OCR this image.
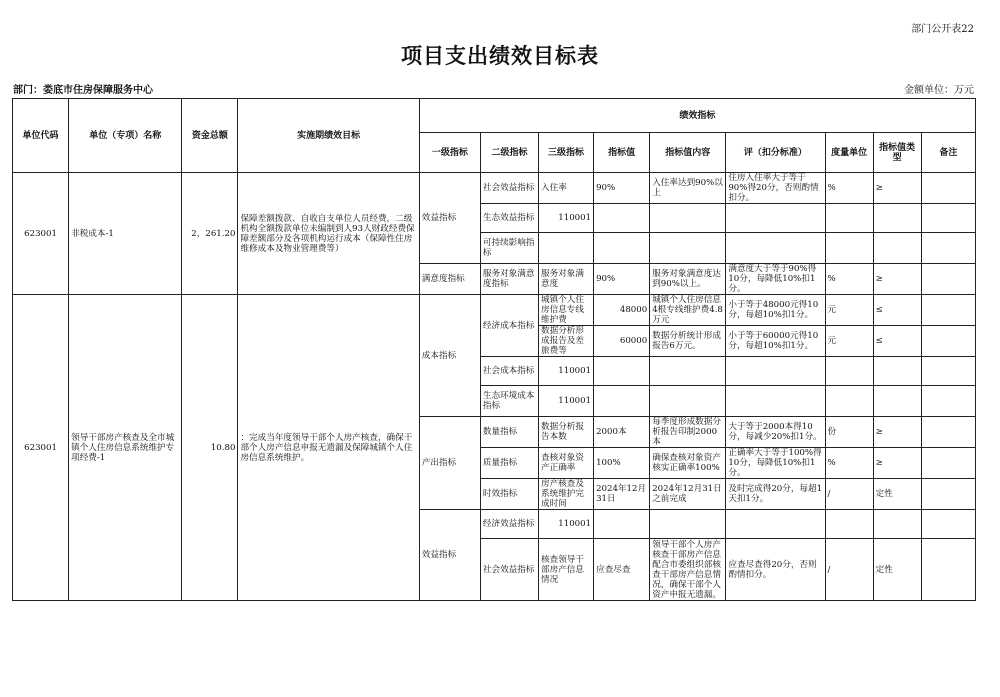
部门公开表22
项目支出绩效目标表
部门：娄底市住房保障服务中心	金额单位：万元
单位代码	单位（专项）名称	资金总额	实施期绩效目标	绩效指标								
				一级指标	二级指标	三级指标	指标值	指标值内容	评（扣分标准）	度量单位	指标值类型	备注
623001	非税成本-1	2，261.20	保障差额拨款、自收自支单位人员经费，二级机构全额拨款单位未编制到人93人财政经费保障差额部分及各项机构运行成本（保障性住房维修成本及物业管理费等）	效益指标	社会效益指标	入住率	90%	入住率达到90%以上	住房入住率大于等于90%得20分，否则酌情扣分。	%	≥	
					生态效益指标	110001						
					可持续影响指标							
				满意度指标	服务对象满意度指标	服务对象满意度	90%	服务对象满意度达到90%以上。	满意度大于等于90%得10分，每降低10%扣1分。	%	≥	
623001	领导干部房产核查及全市城镇个人住房信息系统维护专项经费-1	10.80	：完成当年度领导干部个人房产核查，确保干部个人房产信息申报无遗漏及保障城镇个人住房信息系统维护。	成本指标	经济成本指标	城镇个人住房信息专线维护费	48000	城镇个人住房信息4根专线维护费4.8万元	小于等于48000元得10分，每超10%扣1分。	元	≤	
						数据分析形成报告及差旅费等	60000	数据分析统计形成报告6万元。	小于等于60000元得10分，每超10%扣1分。	元	≤	
					社会成本指标	110001						
					生态环境成本指标	110001						
				产出指标	数量指标	数据分析报告本数	2000本	每季度形成数据分析报告印制2000本	大于等于2000本得10分，每减少20%扣1分。	份	≥	
					质量指标	查核对象资产正确率	100%	确保查核对象资产核实正确率100%	正确率大于等于100%得10分，每降低10%扣1分。	%	≥	
					时效指标	房产核查及系统维护完成时间	2024年12月31日	2024年12月31日之前完成	及时完成得20分，每超1天扣1分。	/	定性	
				效益指标	经济效益指标	110001						
					社会效益指标	核查领导干部房产信息情况	应查尽查	领导干部个人房产核查干部房产信息配合市委组织部核查干部房产信息情况，确保干部个人资产申报无遗漏。	应查尽查得20分，否则酌情扣分。	/	定性	
